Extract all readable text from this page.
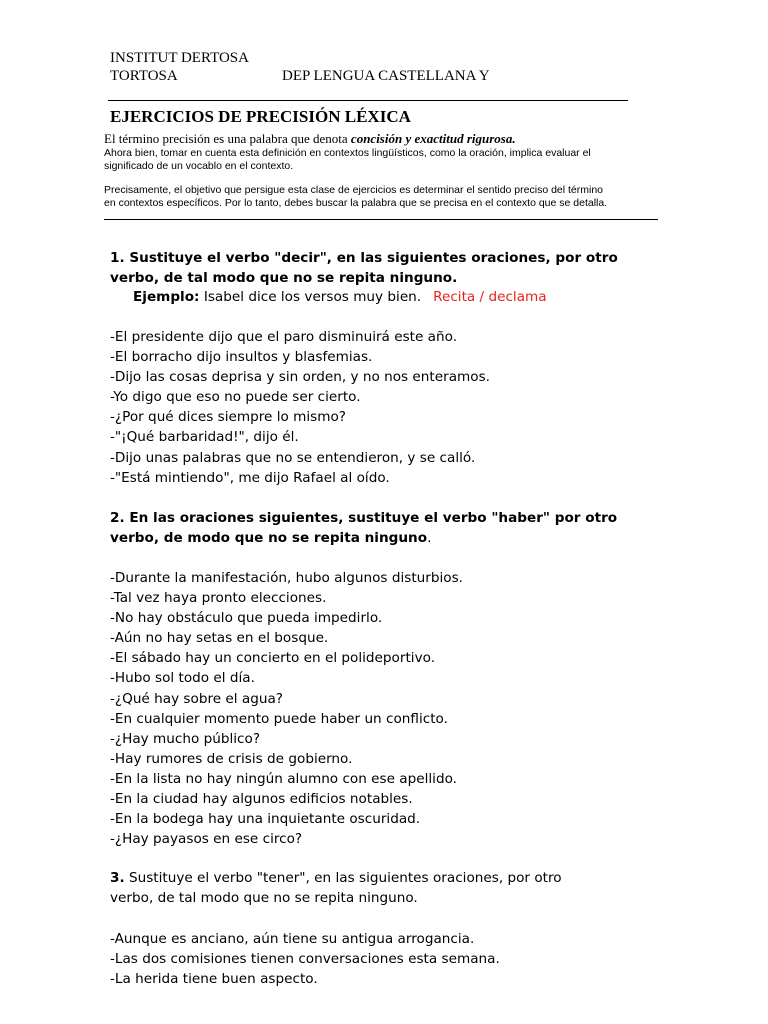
INSTITUT DERTOSA
TORTOSA	DEP LENGUA CASTELLANA Y
EJERCICIOS DE PRECISIÓN LÉXICA
El término precisión es una palabra que denota concisión y exactitud rigurosa.
Ahora bien, tomar en cuenta esta definición en contextos lingüísticos, como la oración, implica evaluar el
significado de un vocablo en el contexto.
Precisamente, el objetivo que persigue esta clase de ejercicios es determinar el sentido preciso del término
en contextos específicos. Por lo tanto, debes buscar la palabra que se precisa en el contexto que se detalla.
1. Sustituye el verbo "decir", en las siguientes oraciones, por otro
verbo, de tal modo que no se repita ninguno.
Ejemplo: Isabel dice los versos muy bien. Recita / declama
-El presidente dijo que el paro disminuirá este año.
-El borracho dijo insultos y blasfemias.
-Dijo las cosas deprisa y sin orden, y no nos enteramos.
-Yo digo que eso no puede ser cierto.
-¿Por qué dices siempre lo mismo?
-"¡Qué barbaridad!", dijo él.
-Dijo unas palabras que no se entendieron, y se calló.
-"Está mintiendo", me dijo Rafael al oído.
2. En las oraciones siguientes, sustituye el verbo "haber" por otro
verbo, de modo que no se repita ninguno.
-Durante la manifestación, hubo algunos disturbios.
-Tal vez haya pronto elecciones.
-No hay obstáculo que pueda impedirlo.
-Aún no hay setas en el bosque.
-El sábado hay un concierto en el polideportivo.
-Hubo sol todo el día.
-¿Qué hay sobre el agua?
-En cualquier momento puede haber un conflicto.
-¿Hay mucho público?
-Hay rumores de crisis de gobierno.
-En la lista no hay ningún alumno con ese apellido.
-En la ciudad hay algunos edificios notables.
-En la bodega hay una inquietante oscuridad.
-¿Hay payasos en ese circo?
3. Sustituye el verbo "tener", en las siguientes oraciones, por otro
verbo, de tal modo que no se repita ninguno.
-Aunque es anciano, aún tiene su antigua arrogancia.
-Las dos comisiones tienen conversaciones esta semana.
-La herida tiene buen aspecto.
